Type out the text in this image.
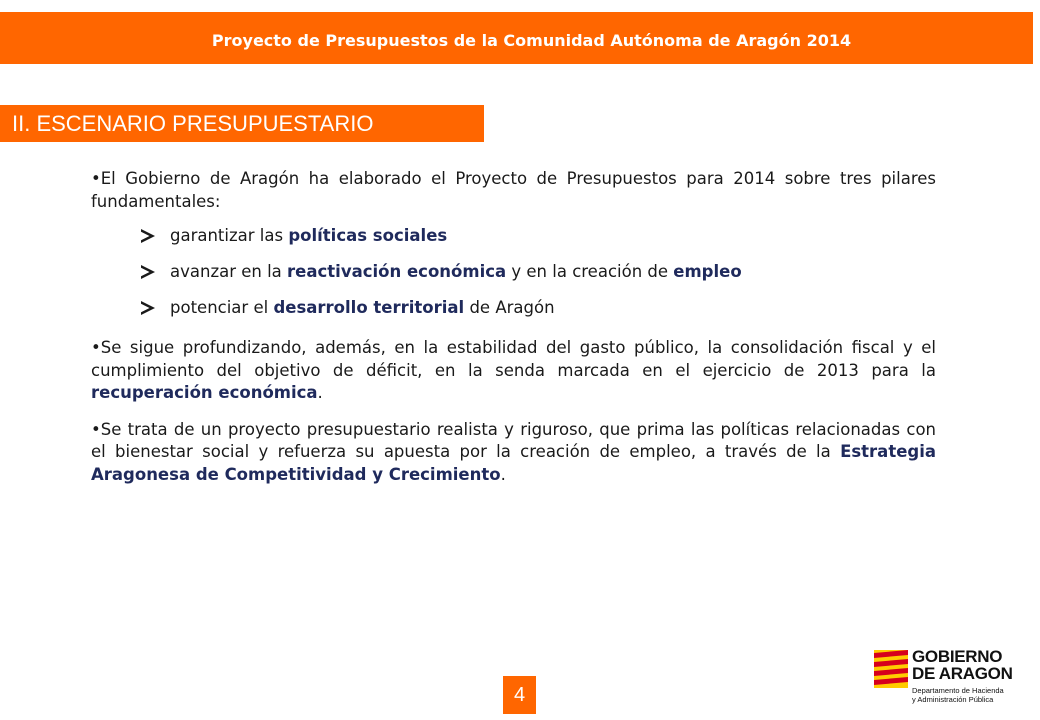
Proyecto de Presupuestos de la Comunidad Autónoma de Aragón 2014
II. ESCENARIO PRESUPUESTARIO

•El Gobierno de Aragón ha elaborado el Proyecto de Presupuestos para 2014 sobre tres pilares fundamentales:

garantizar las políticas sociales
avanzar en la reactivación económica y en la creación de empleo
potenciar el desarrollo territorial de Aragón

•Se sigue profundizando, además, en la estabilidad del gasto público, la consolidación fiscal y el cumplimiento del objetivo de déficit, en la senda marcada en el ejercicio de 2013 para la recuperación económica.

•Se trata de un proyecto presupuestario realista y riguroso, que prima las políticas relacionadas con el bienestar social y refuerza su apuesta por la creación de empleo, a través de la Estrategia Aragonesa de Competitividad y Crecimiento.

4
GOBIERNO
DE ARAGON
Departamento de Hacienda
y Administración Pública
